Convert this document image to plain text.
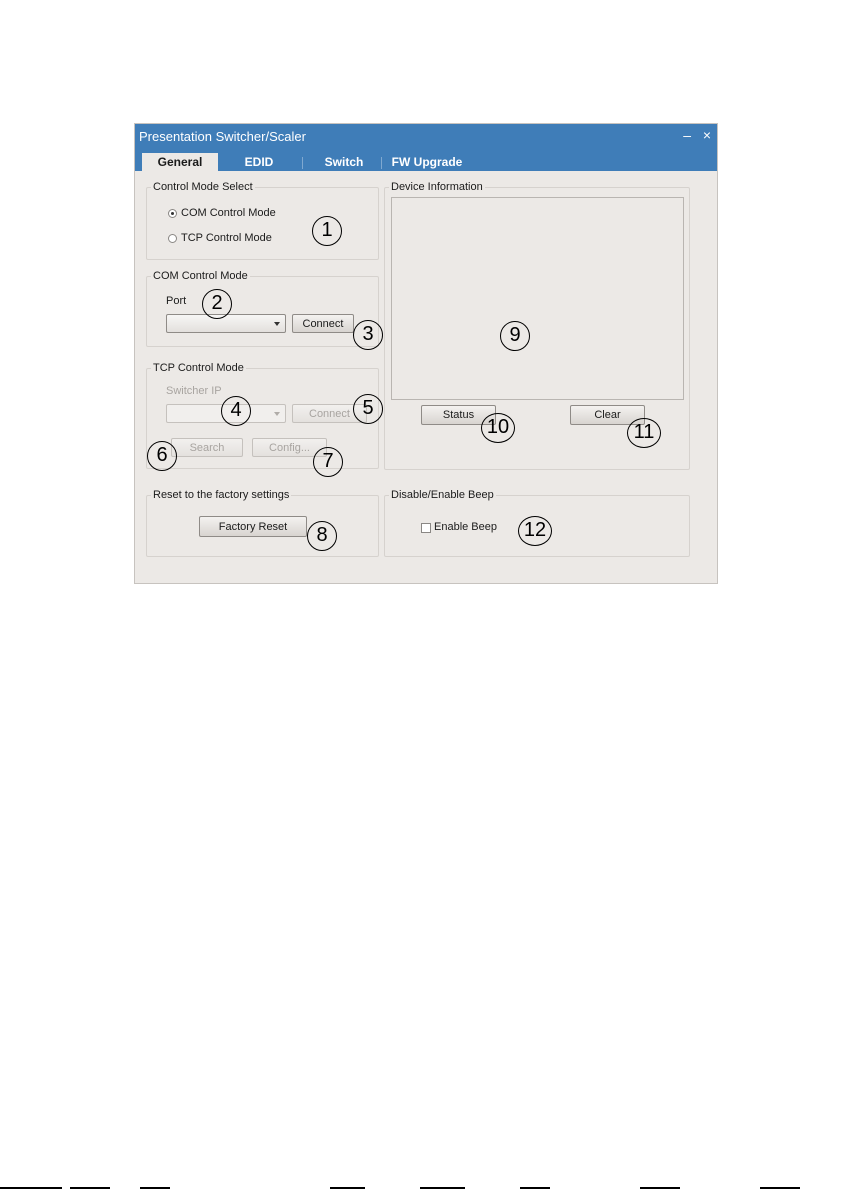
Presentation Switcher/Scaler	– ×
General	EDID	Switch	FW Upgrade
Control Mode Select
COM Control Mode
TCP Control Mode
COM Control Mode
Port
Connect
TCP Control Mode
Switcher IP
Connect
Search	Config...
Device Information
Status	Clear
Reset to the factory settings
Factory Reset
Disable/Enable Beep
Enable Beep
1
2
3
4	5
6	7
8
9
10	11
12
